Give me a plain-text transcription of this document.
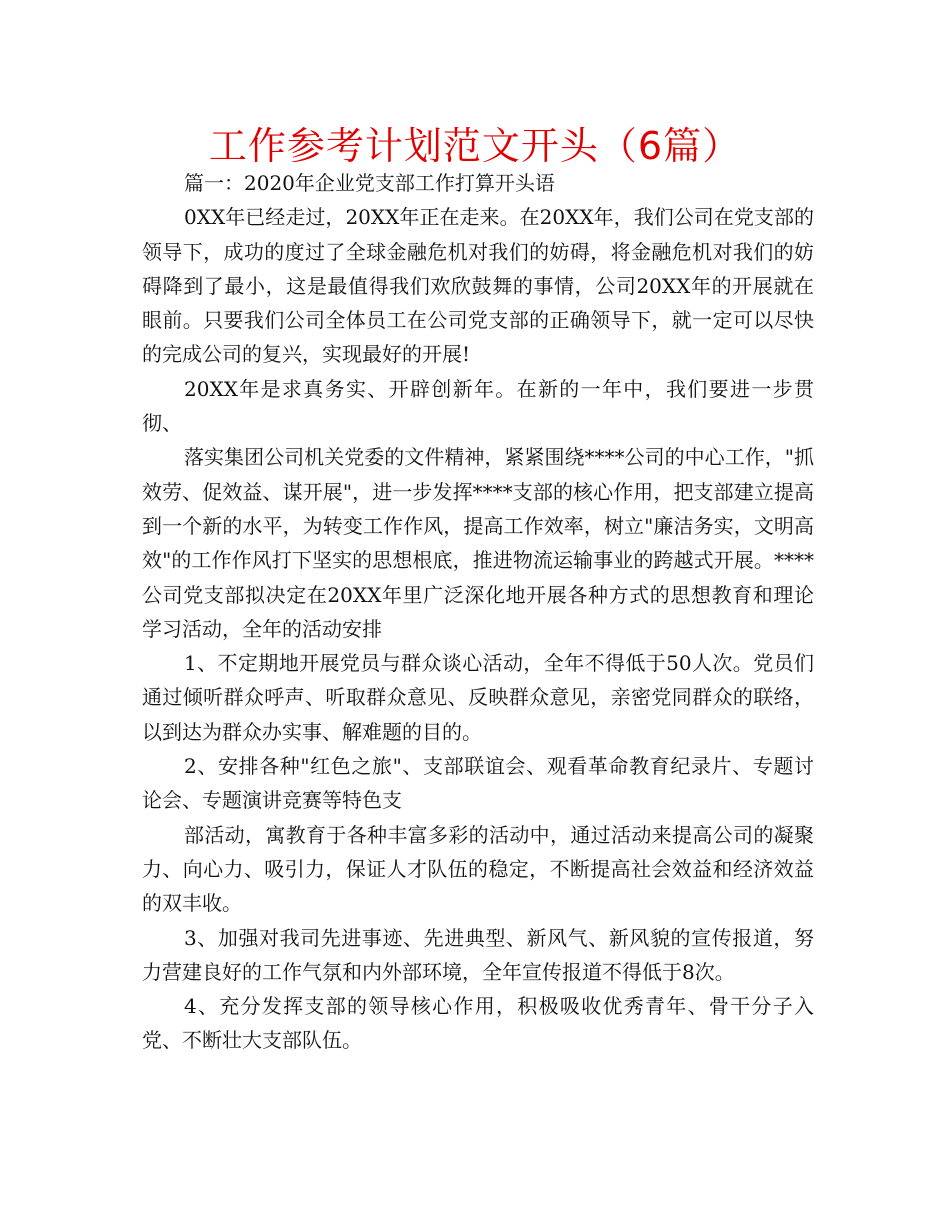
工作参考计划范文开头（6篇）

篇一：2020年企业党支部工作打算开头语

0XX年已经走过，20XX年正在走来。在20XX年，我们公司在党支部的领导下，成功的度过了全球金融危机对我们的妨碍，将金融危机对我们的妨碍降到了最小，这是最值得我们欢欣鼓舞的事情，公司20XX年的开展就在眼前。只要我们公司全体员工在公司党支部的正确领导下，就一定可以尽快的完成公司的复兴，实现最好的开展!

20XX年是求真务实、开辟创新年。在新的一年中，我们要进一步贯彻、

落实集团公司机关党委的文件精神，紧紧围绕****公司的中心工作，"抓效劳、促效益、谋开展"，进一步发挥****支部的核心作用，把支部建立提高到一个新的水平，为转变工作作风，提高工作效率，树立"廉洁务实，文明高效"的工作作风打下坚实的思想根底，推进物流运输事业的跨越式开展。****公司党支部拟决定在20XX年里广泛深化地开展各种方式的思想教育和理论学习活动，全年的活动安排

1、不定期地开展党员与群众谈心活动，全年不得低于50人次。党员们通过倾听群众呼声、听取群众意见、反映群众意见，亲密党同群众的联络，以到达为群众办实事、解难题的目的。

2、安排各种"红色之旅"、支部联谊会、观看革命教育纪录片、专题讨论会、专题演讲竞赛等特色支

部活动，寓教育于各种丰富多彩的活动中，通过活动来提高公司的凝聚力、向心力、吸引力，保证人才队伍的稳定，不断提高社会效益和经济效益的双丰收。

3、加强对我司先进事迹、先进典型、新风气、新风貌的宣传报道，努力营建良好的工作气氛和内外部环境，全年宣传报道不得低于8次。

4、充分发挥支部的领导核心作用，积极吸收优秀青年、骨干分子入党、不断壮大支部队伍。
